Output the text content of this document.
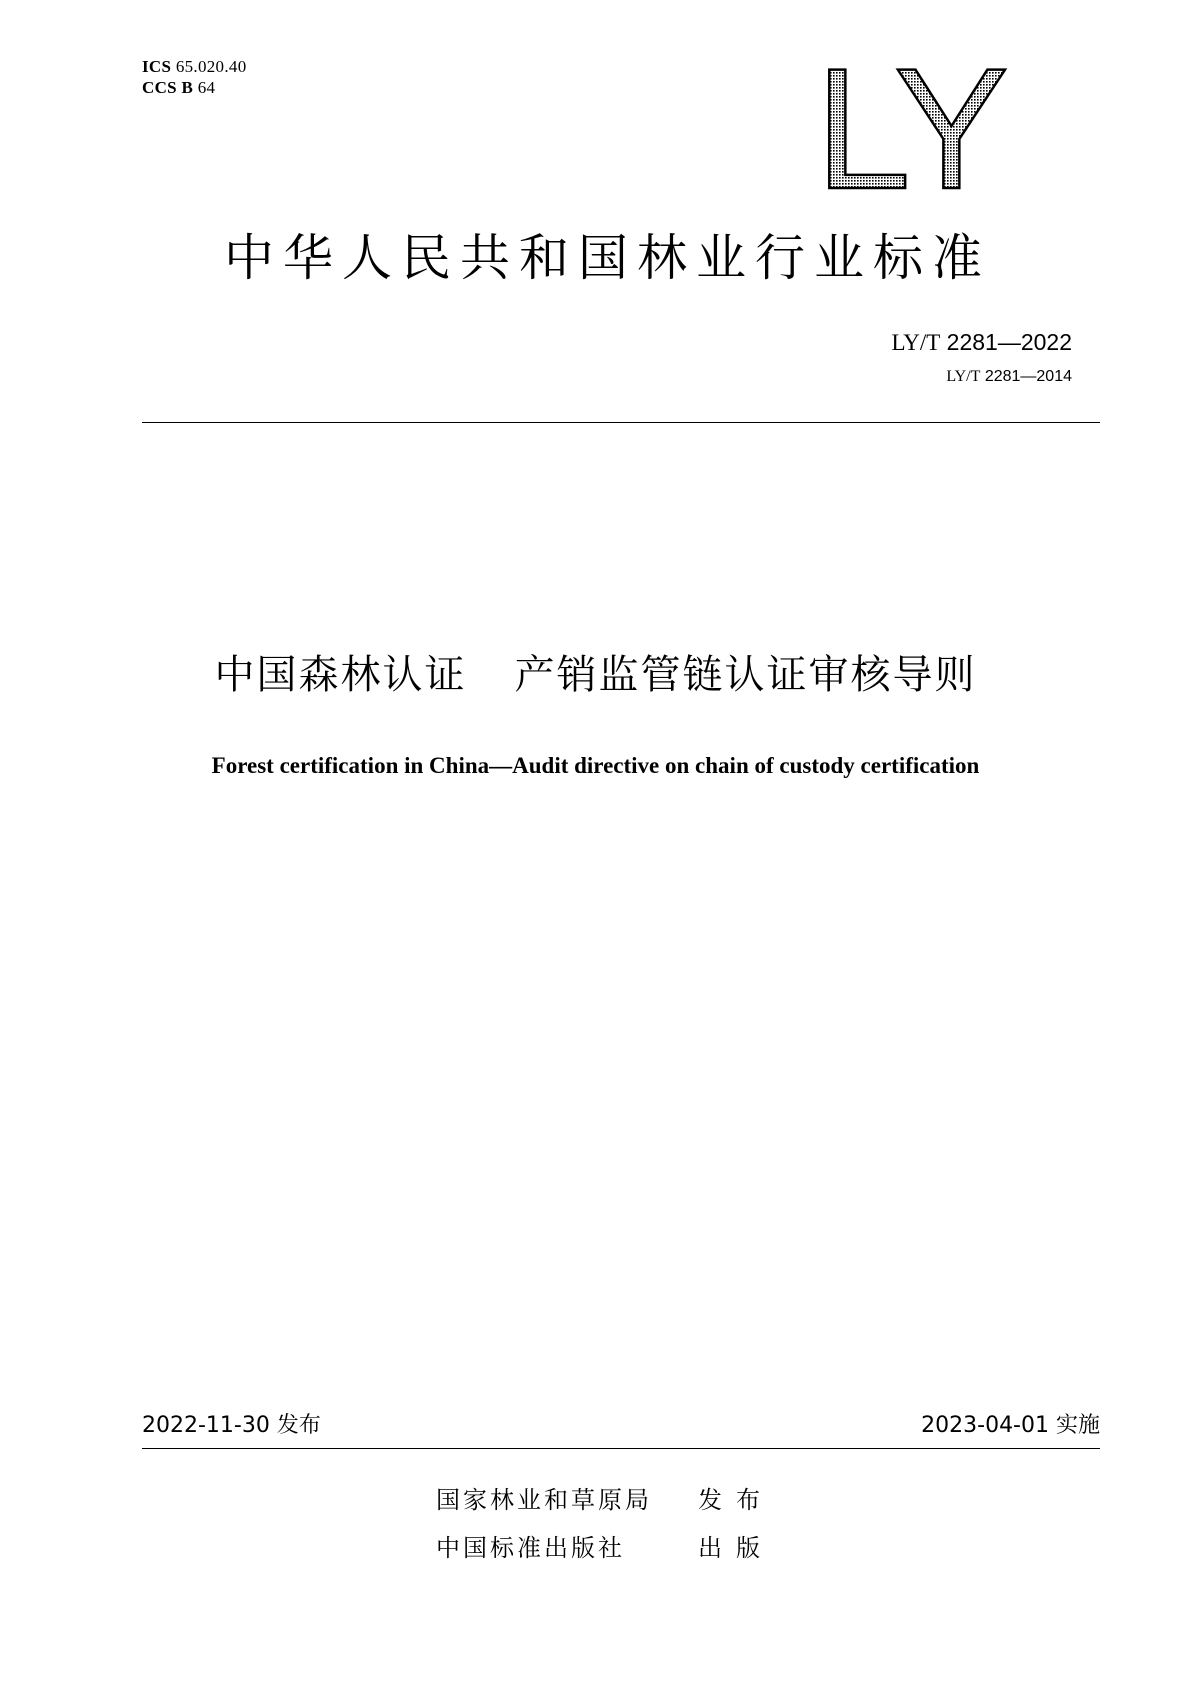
ICS 65.020.40
CCS B 64	LY
中华人民共和国林业行业标准
LY/T 2281—2022
LY/T 2281—2014
中国森林认证 产销监管链认证审核导则
Forest certification in China—Audit directive on chain of custody certification
2022-11-30 发布	2023-04-01 实施
国家林业和草原局 发布
中国标准出版社	出版
